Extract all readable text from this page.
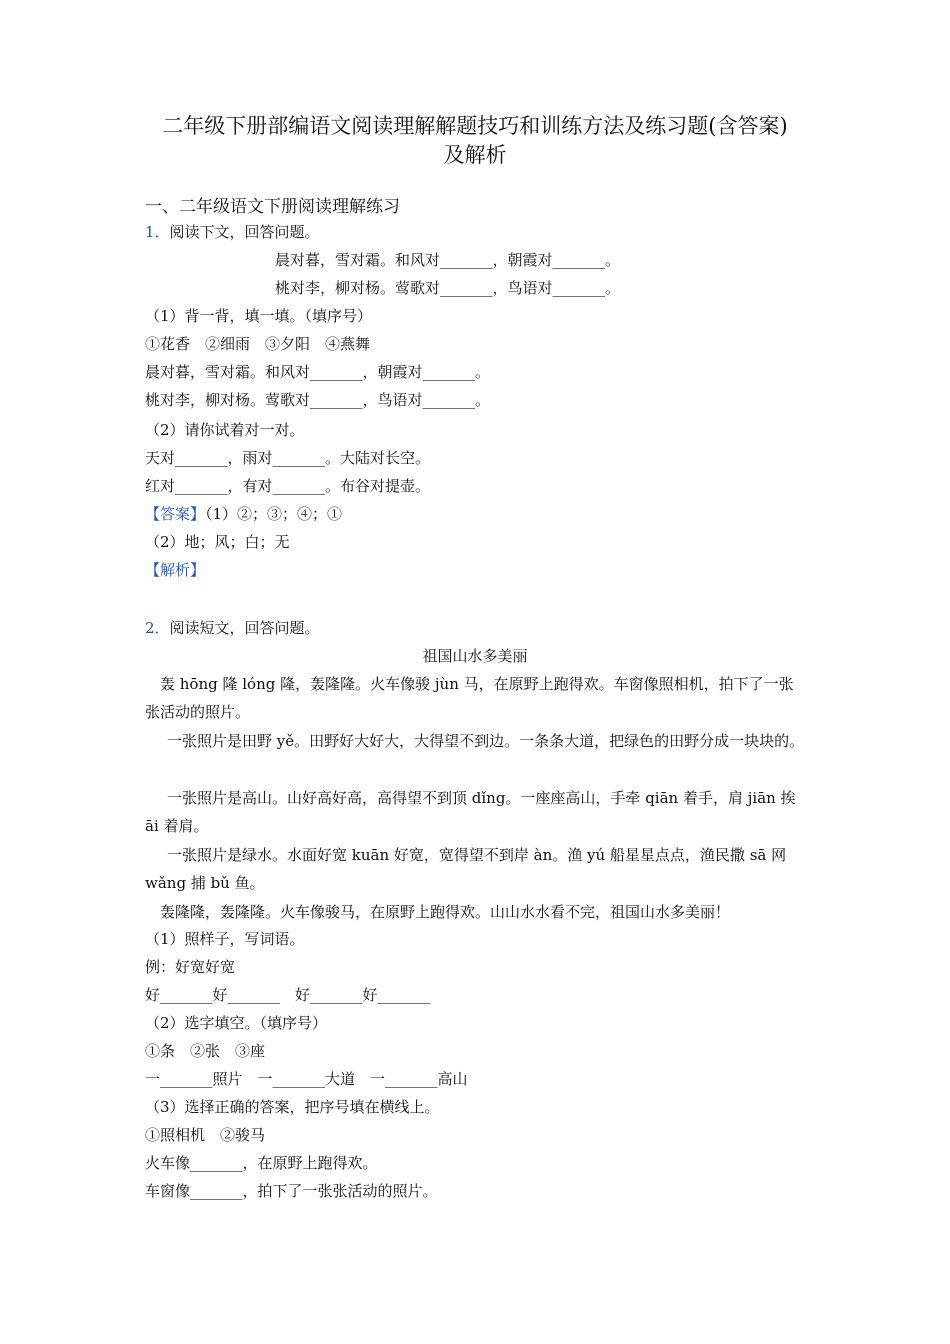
二年级下册部编语文阅读理解解题技巧和训练方法及练习题(含答案)
及解析
一、二年级语文下册阅读理解练习
1．阅读下文，回答问题。
晨对暮，雪对霜。和风对_______，朝霞对_______。
桃对李，柳对杨。莺歌对_______，鸟语对_______。
（1）背一背，填一填。（填序号）
①花香　②细雨　③夕阳　④燕舞
晨对暮，雪对霜。和风对_______，朝霞对_______。
桃对李，柳对杨。莺歌对_______，鸟语对_______。
（2）请你试着对一对。
天对_______，雨对_______。大陆对长空。
红对_______，有对_______。布谷对提壶。
【答案】（1）②；③；④；①
（2）地；风；白；无
【解析】
2．阅读短文，回答问题。
祖国山水多美丽
轰 hōng 隆 lóng 隆，轰隆隆。火车像骏 jùn 马，在原野上跑得欢。车窗像照相机，拍下了一张张活动的照片。
一张照片是田野 yě。田野好大好大，大得望不到边。一条条大道，把绿色的田野分成一块块的。
一张照片是高山。山好高好高，高得望不到顶 dǐng。一座座高山，手牵 qiān 着手，肩 jiān 挨 āi 着肩。
一张照片是绿水。水面好宽 kuān 好宽，宽得望不到岸 àn。渔 yú 船星星点点，渔民撒 sā 网 wǎng 捕 bǔ 鱼。
轰隆隆，轰隆隆。火车像骏马，在原野上跑得欢。山山水水看不完，祖国山水多美丽！
（1）照样子，写词语。
例：好宽好宽
好_______好_______　好_______好_______
（2）选字填空。（填序号）
①条　②张　③座
一_______照片　一_______大道　一_______高山
（3）选择正确的答案，把序号填在横线上。
①照相机　②骏马
火车像_______，在原野上跑得欢。
车窗像_______，拍下了一张张活动的照片。
